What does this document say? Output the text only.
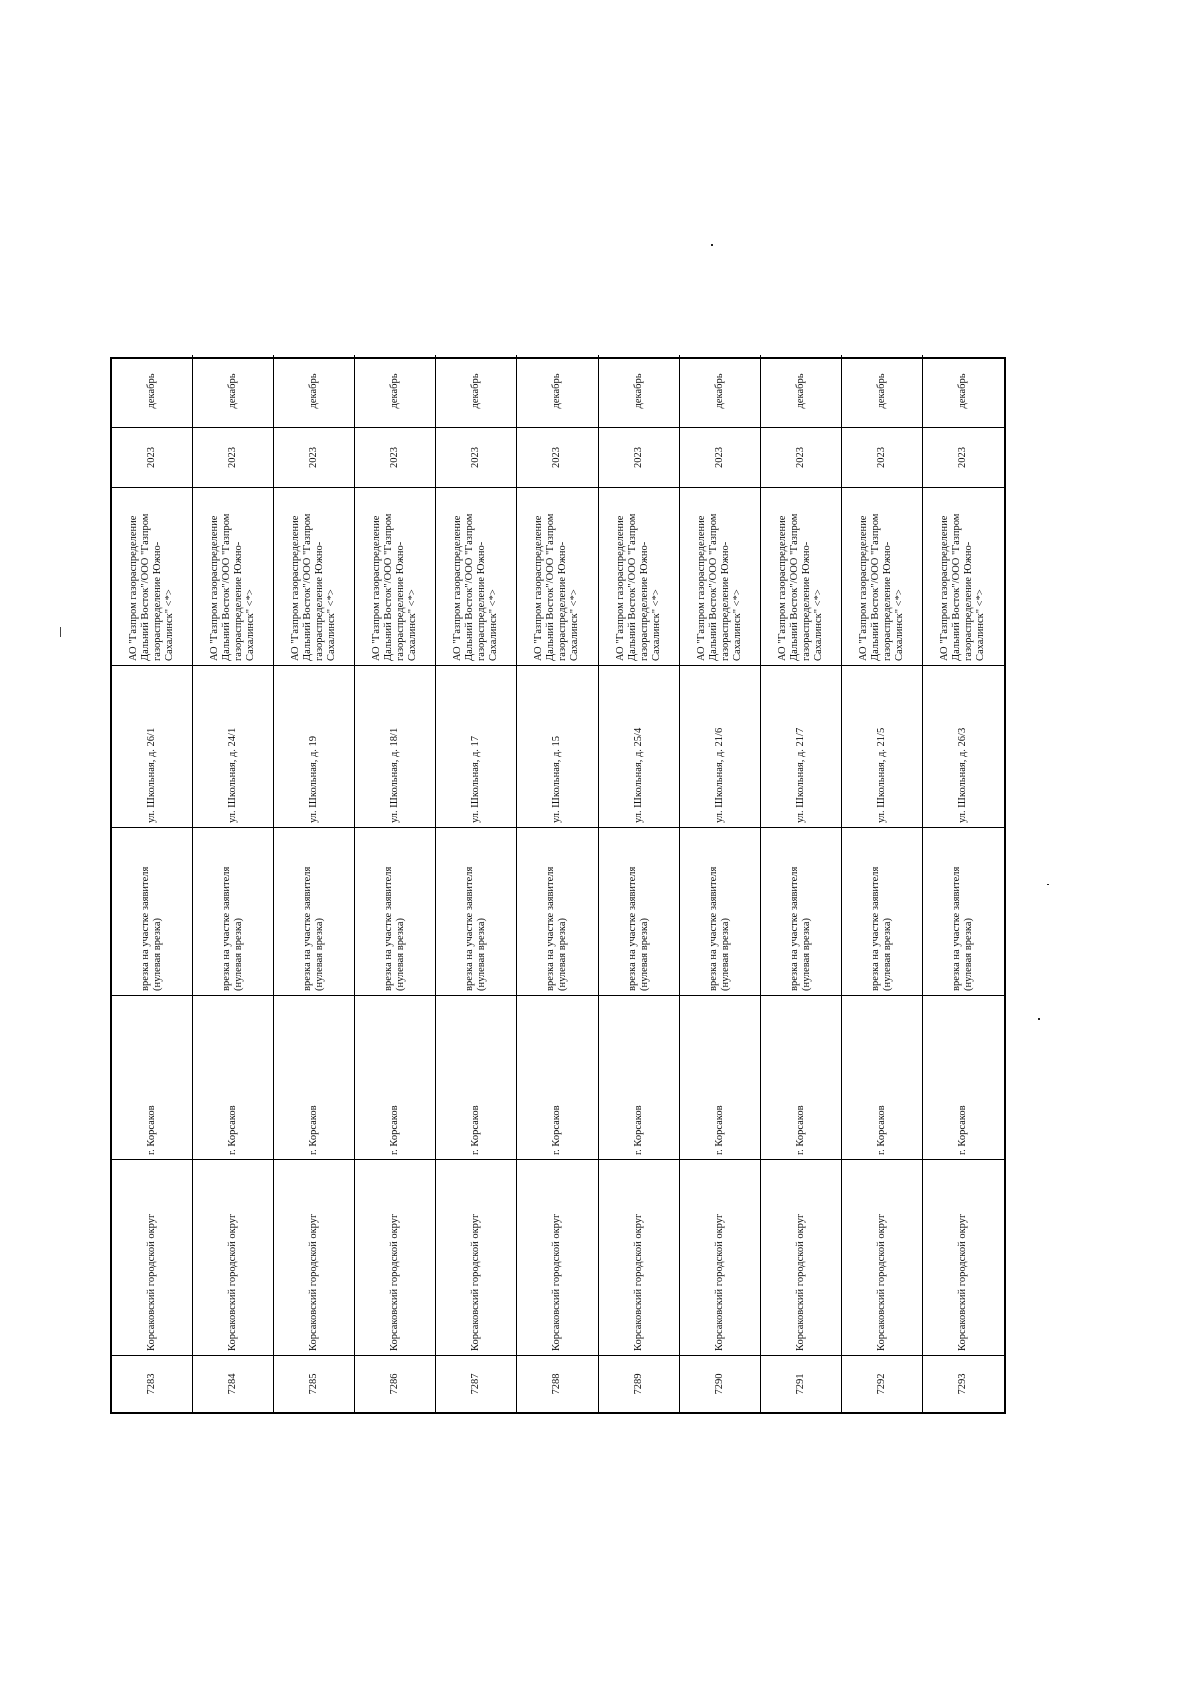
7283
Корсаковский городской округ
г. Корсаков
врезка на участке заявителя (нулевая врезка)
ул. Школьная, д. 26/1
АО "Газпром газораспределение Дальний Восток"/ООО "Газпром газораспределение Южно-Сахалинск" <*>
2023
декабрь
7284
Корсаковский городской округ
г. Корсаков
врезка на участке заявителя (нулевая врезка)
ул. Школьная, д. 24/1
АО "Газпром газораспределение Дальний Восток"/ООО "Газпром газораспределение Южно-Сахалинск" <*>
2023
декабрь
7285
Корсаковский городской округ
г. Корсаков
врезка на участке заявителя (нулевая врезка)
ул. Школьная, д. 19
АО "Газпром газораспределение Дальний Восток"/ООО "Газпром газораспределение Южно-Сахалинск" <*>
2023
декабрь
7286
Корсаковский городской округ
г. Корсаков
врезка на участке заявителя (нулевая врезка)
ул. Школьная, д. 18/1
АО "Газпром газораспределение Дальний Восток"/ООО "Газпром газораспределение Южно-Сахалинск" <*>
2023
декабрь
7287
Корсаковский городской округ
г. Корсаков
врезка на участке заявителя (нулевая врезка)
ул. Школьная, д. 17
АО "Газпром газораспределение Дальний Восток"/ООО "Газпром газораспределение Южно-Сахалинск" <*>
2023
декабрь
7288
Корсаковский городской округ
г. Корсаков
врезка на участке заявителя (нулевая врезка)
ул. Школьная, д. 15
АО "Газпром газораспределение Дальний Восток"/ООО "Газпром газораспределение Южно-Сахалинск" <*>
2023
декабрь
7289
Корсаковский городской округ
г. Корсаков
врезка на участке заявителя (нулевая врезка)
ул. Школьная, д. 25/4
АО "Газпром газораспределение Дальний Восток"/ООО "Газпром газораспределение Южно-Сахалинск" <*>
2023
декабрь
7290
Корсаковский городской округ
г. Корсаков
врезка на участке заявителя (нулевая врезка)
ул. Школьная, д. 21/6
АО "Газпром газораспределение Дальний Восток"/ООО "Газпром газораспределение Южно-Сахалинск" <*>
2023
декабрь
7291
Корсаковский городской округ
г. Корсаков
врезка на участке заявителя (нулевая врезка)
ул. Школьная, д. 21/7
АО "Газпром газораспределение Дальний Восток"/ООО "Газпром газораспределение Южно-Сахалинск" <*>
2023
декабрь
7292
Корсаковский городской округ
г. Корсаков
врезка на участке заявителя (нулевая врезка)
ул. Школьная, д. 21/5
АО "Газпром газораспределение Дальний Восток"/ООО "Газпром газораспределение Южно-Сахалинск" <*>
2023
декабрь
7293
Корсаковский городской округ
г. Корсаков
врезка на участке заявителя (нулевая врезка)
ул. Школьная, д. 26/3
АО "Газпром газораспределение Дальний Восток"/ООО "Газпром газораспределение Южно-Сахалинск" <*>
2023
декабрь
